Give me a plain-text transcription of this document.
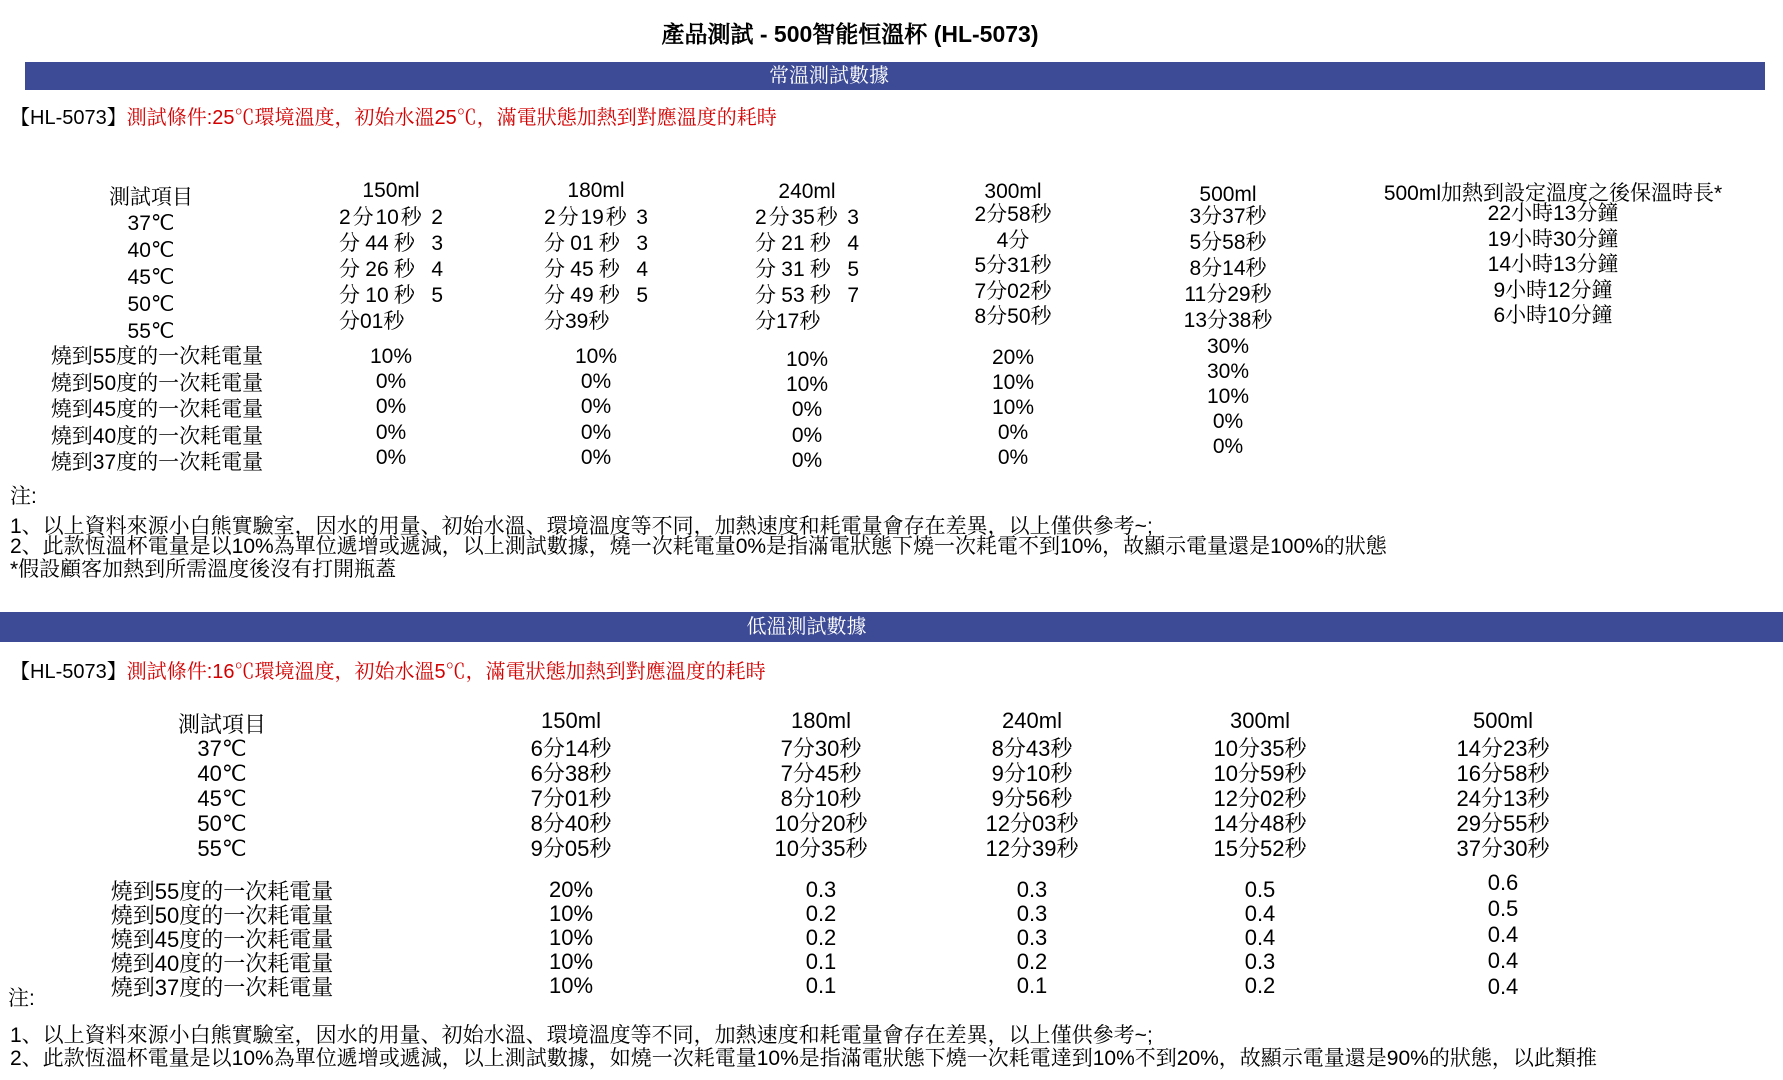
產品測試 - 500智能恒溫杯 (HL-5073)
常溫測試數據
【HL-5073】測試條件:25℃環境溫度，初始水溫25℃，滿電狀態加熱到對應溫度的耗時
測試項目
37℃
40℃
45℃
50℃
55℃
燒到55度的一次耗電量
燒到50度的一次耗電量
燒到45度的一次耗電量
燒到40度的一次耗電量
燒到37度的一次耗電量
150ml
2分10秒 2
分44秒 3
分26秒 4
分10秒 5
分01秒
10%
0%
0%
0%
0%
180ml
2分19秒 3
分01秒 3
分45秒 4
分49秒 5
分39秒
10%
0%
0%
0%
0%
240ml
2分35秒 3
分21秒 4
分31秒 5
分53秒 7
分17秒
10%
10%
0%
0%
0%
300ml
2分58秒
4分
5分31秒
7分02秒
8分50秒
20%
10%
10%
0%
0%
500ml
3分37秒
5分58秒
8分14秒
11分29秒
13分38秒
30%
30%
10%
0%
0%
500ml加熱到設定溫度之後保溫時長*
22小時13分鐘
19小時30分鐘
14小時13分鐘
9小時12分鐘
6小時10分鐘
注:
1、以上資料來源小白熊實驗室，因水的用量、初始水溫、環境溫度等不同，加熱速度和耗電量會存在差異，以上僅供參考~;
2、此款恆溫杯電量是以10%為單位遞增或遞減，以上測試數據，燒一次耗電量0%是指滿電狀態下燒一次耗電不到10%，故顯示電量還是100%的狀態
*假設顧客加熱到所需溫度後沒有打開瓶蓋
低溫測試數據
【HL-5073】測試條件:16℃環境溫度，初始水溫5℃，滿電狀態加熱到對應溫度的耗時
測試項目
37℃
40℃
45℃
50℃
55℃
燒到55度的一次耗電量
燒到50度的一次耗電量
燒到45度的一次耗電量
燒到40度的一次耗電量
燒到37度的一次耗電量
150ml
6分14秒
6分38秒
7分01秒
8分40秒
9分05秒
20%
10%
10%
10%
10%
180ml
7分30秒
7分45秒
8分10秒
10分20秒
10分35秒
0.3
0.2
0.2
0.1
0.1
240ml
8分43秒
9分10秒
9分56秒
12分03秒
12分39秒
0.3
0.3
0.3
0.2
0.1
300ml
10分35秒
10分59秒
12分02秒
14分48秒
15分52秒
0.5
0.4
0.4
0.3
0.2
500ml
14分23秒
16分58秒
24分13秒
29分55秒
37分30秒
0.6
0.5
0.4
0.4
0.4
注:
1、以上資料來源小白熊實驗室，因水的用量、初始水溫、環境溫度等不同，加熱速度和耗電量會存在差異，以上僅供參考~;
2、此款恆溫杯電量是以10%為單位遞增或遞減，以上測試數據，如燒一次耗電量10%是指滿電狀態下燒一次耗電達到10%不到20%，故顯示電量還是90%的狀態，以此類推
